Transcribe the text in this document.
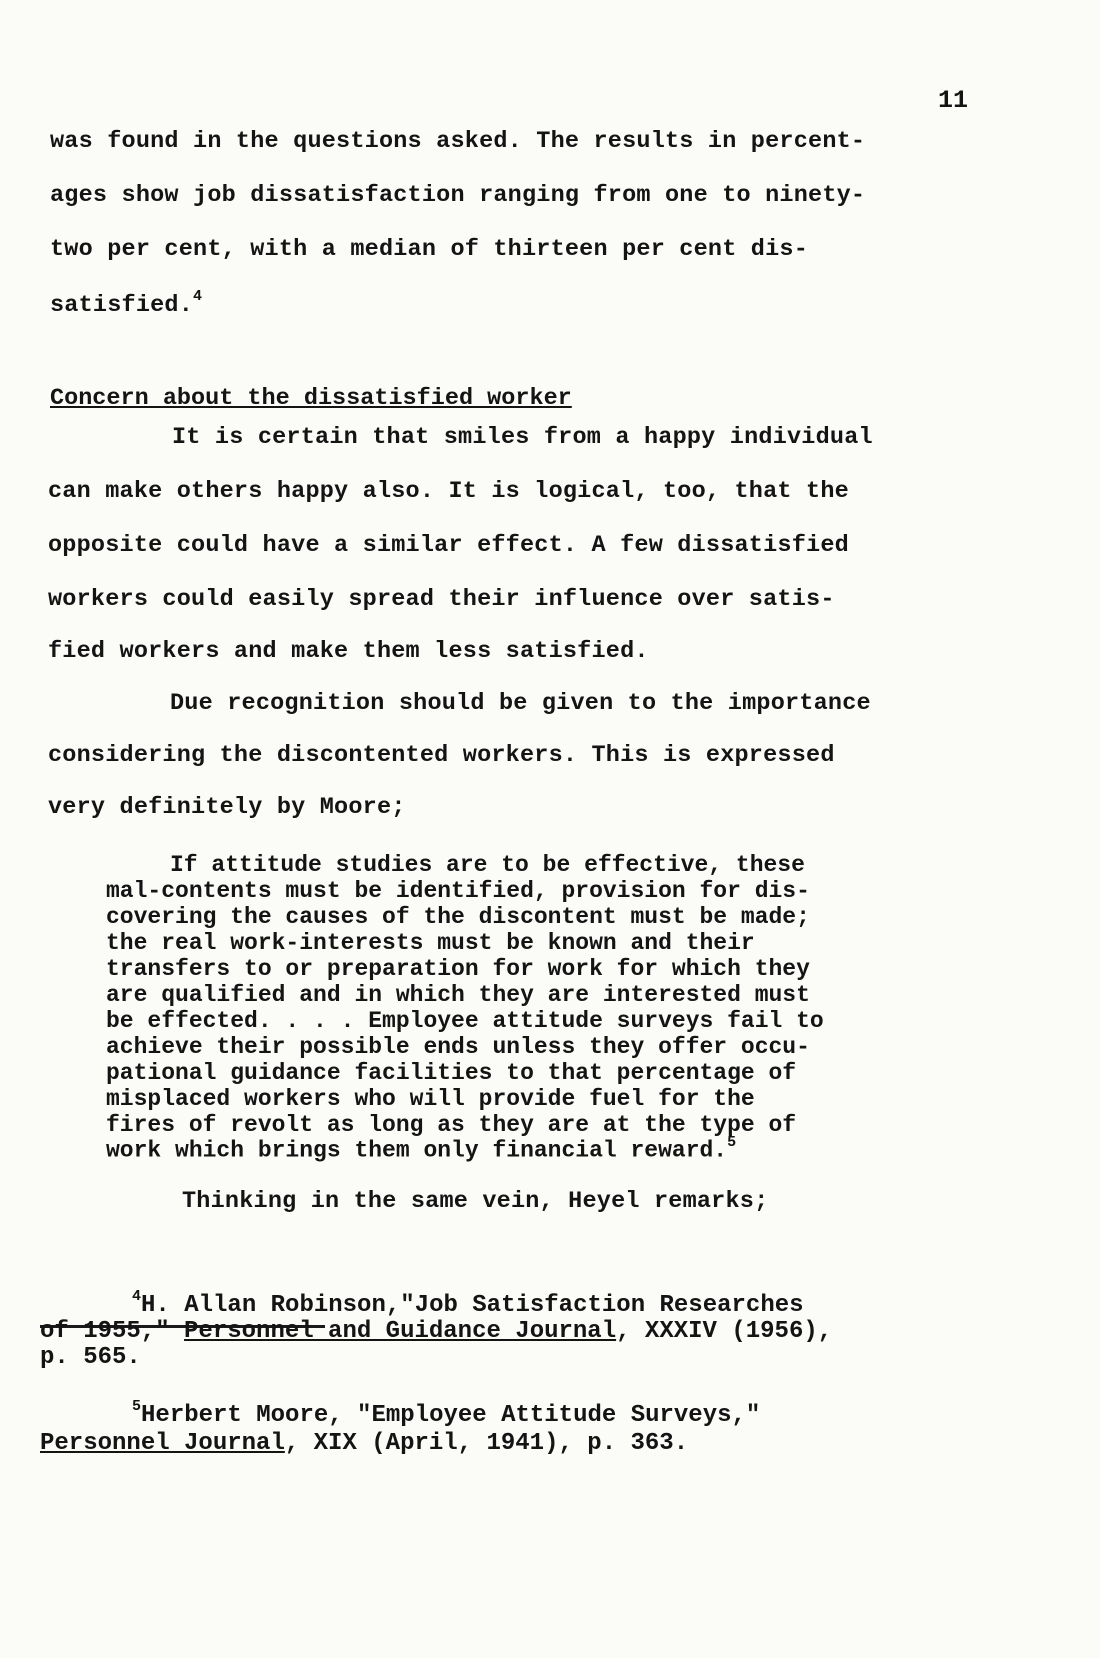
11
was found in the questions asked. The results in percent-
ages show job dissatisfaction ranging from one to ninety-
two per cent, with a median of thirteen per cent dis-
satisfied.$^4$
Concern about the dissatisfied worker
It is certain that smiles from a happy individual
can make others happy also. It is logical, too, that the
opposite could have a similar effect. A few dissatisfied
workers could easily spread their influence over satis-
fied workers and make them less satisfied.
Due recognition should be given to the importance
considering the discontented workers. This is expressed
very definitely by Moore;
If attitude studies are to be effective, these
mal-contents must be identified, provision for dis-
covering the causes of the discontent must be made;
the real work-interests must be known and their
transfers to or preparation for work for which they
are qualified and in which they are interested must
be effected. . . . Employee attitude surveys fail to
achieve their possible ends unless they offer occu-
pational guidance facilities to that percentage of
misplaced workers who will provide fuel for the
fires of revolt as long as they are at the type of
work which brings them only financial reward.$^5$
Thinking in the same vein, Heyel remarks;
$^4$H. Allan Robinson,"Job Satisfaction Researches
of 1955," Personnel and Guidance Journal, XXXIV (1956),
p. 565.
$^5$Herbert Moore, "Employee Attitude Surveys,"
Personnel Journal, XIX (April, 1941), p. 363.
